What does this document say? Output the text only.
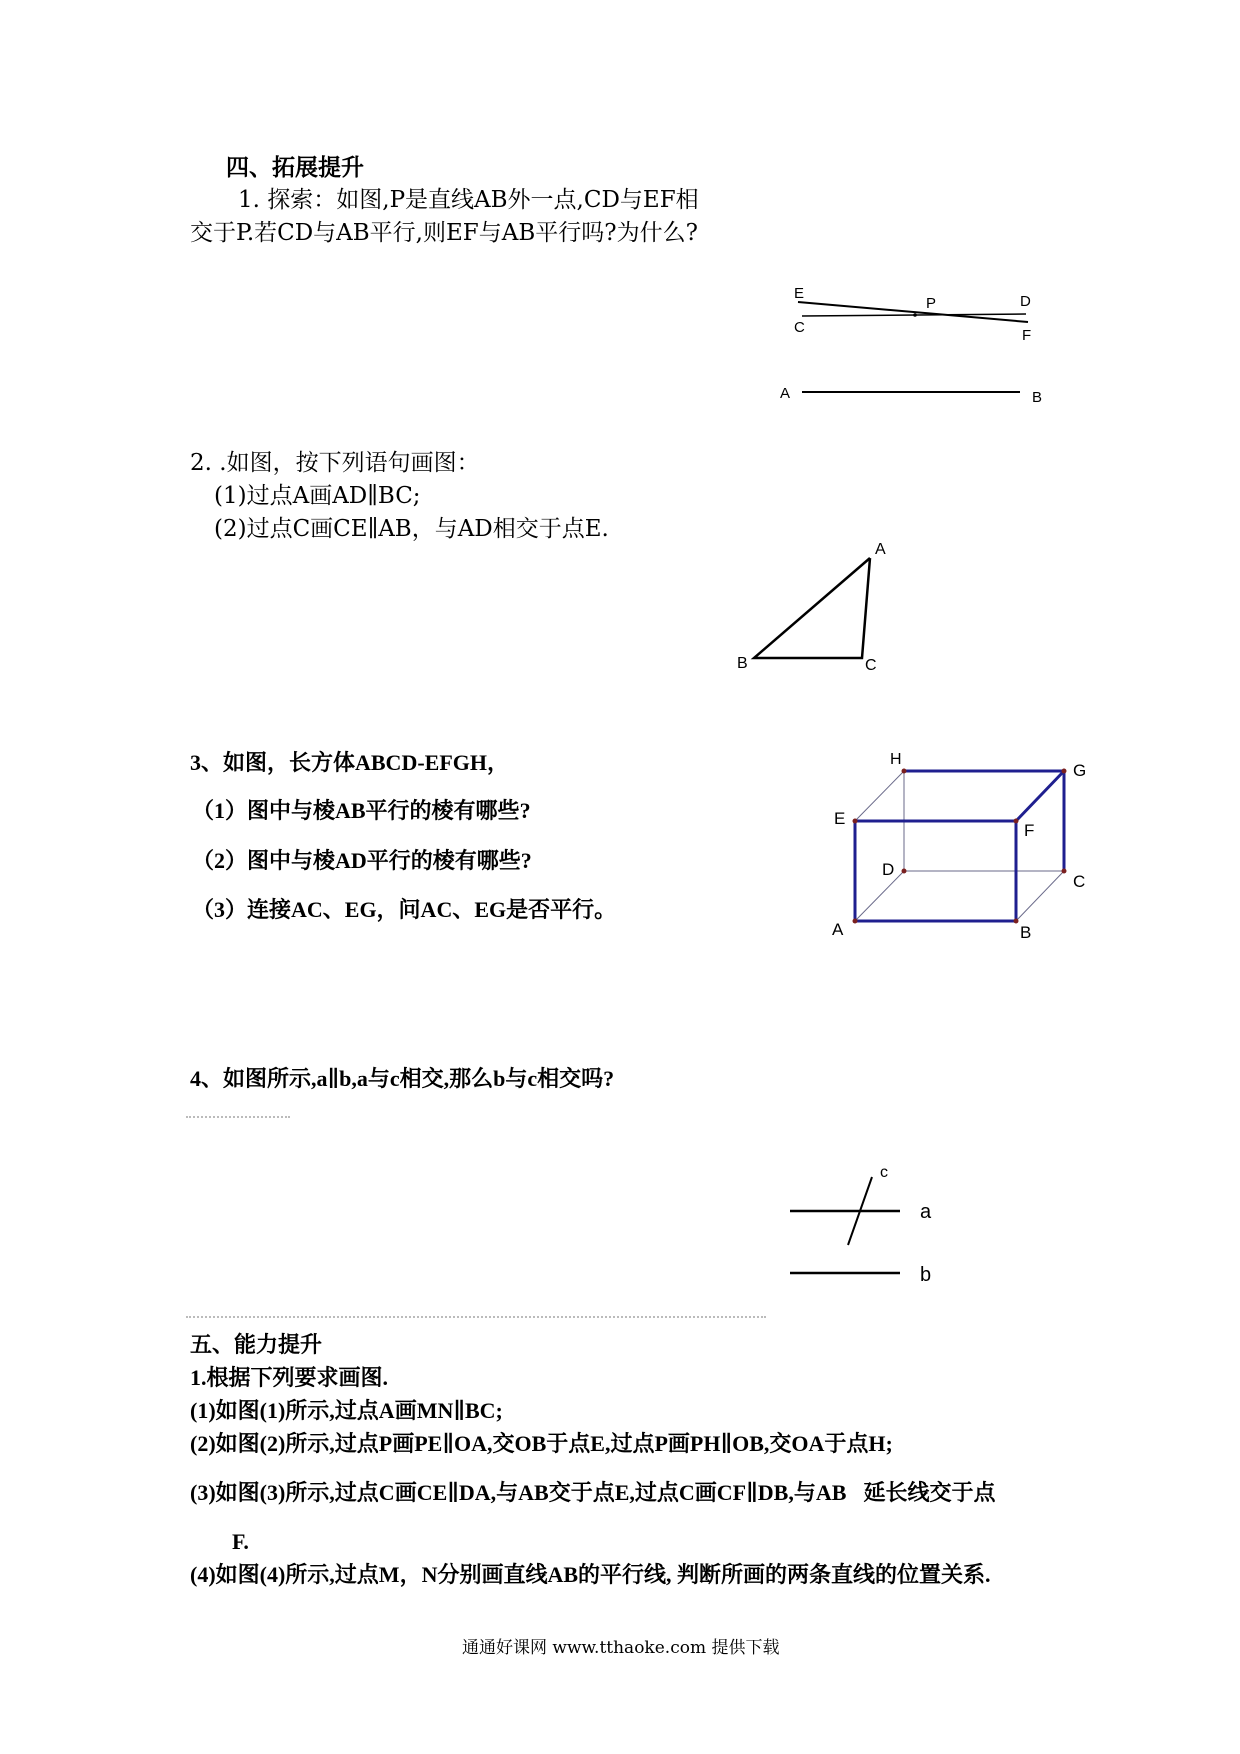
四、拓展提升
1. 探索：如图,P是直线AB外一点,CD与EF相
交于P.若CD与AB平行,则EF与AB平行吗?为什么?
E
P	D
C	F
A	B
2. .如图，按下列语句画图：
(1)过点A画AD∥BC;
(2)过点C画CE∥AB，与AD相交于点E.
A
B	C
3、如图，长方体ABCD-EFGH，
（1）图中与棱AB平行的棱有哪些?
（2）图中与棱AD平行的棱有哪些?
（3）连接AC、EG，问AC、EG是否平行。
H
G
E
F
D
C
A	B
4、如图所示,a∥b,a与c相交,那么b与c相交吗?
c
a
b
五、能力提升
1.根据下列要求画图.
(1)如图(1)所示,过点A画MN∥BC;
(2)如图(2)所示,过点P画PE∥OA,交OB于点E,过点P画PH∥OB,交OA于点H;
(3)如图(3)所示,过点C画CE∥DA,与AB交于点E,过点C画CF∥DB,与AB 延长线交于点
F.
(4)如图(4)所示,过点M，N分别画直线AB的平行线, 判断所画的两条直线的位置关系.
通通好课网 www.tthaoke.com 提供下载
